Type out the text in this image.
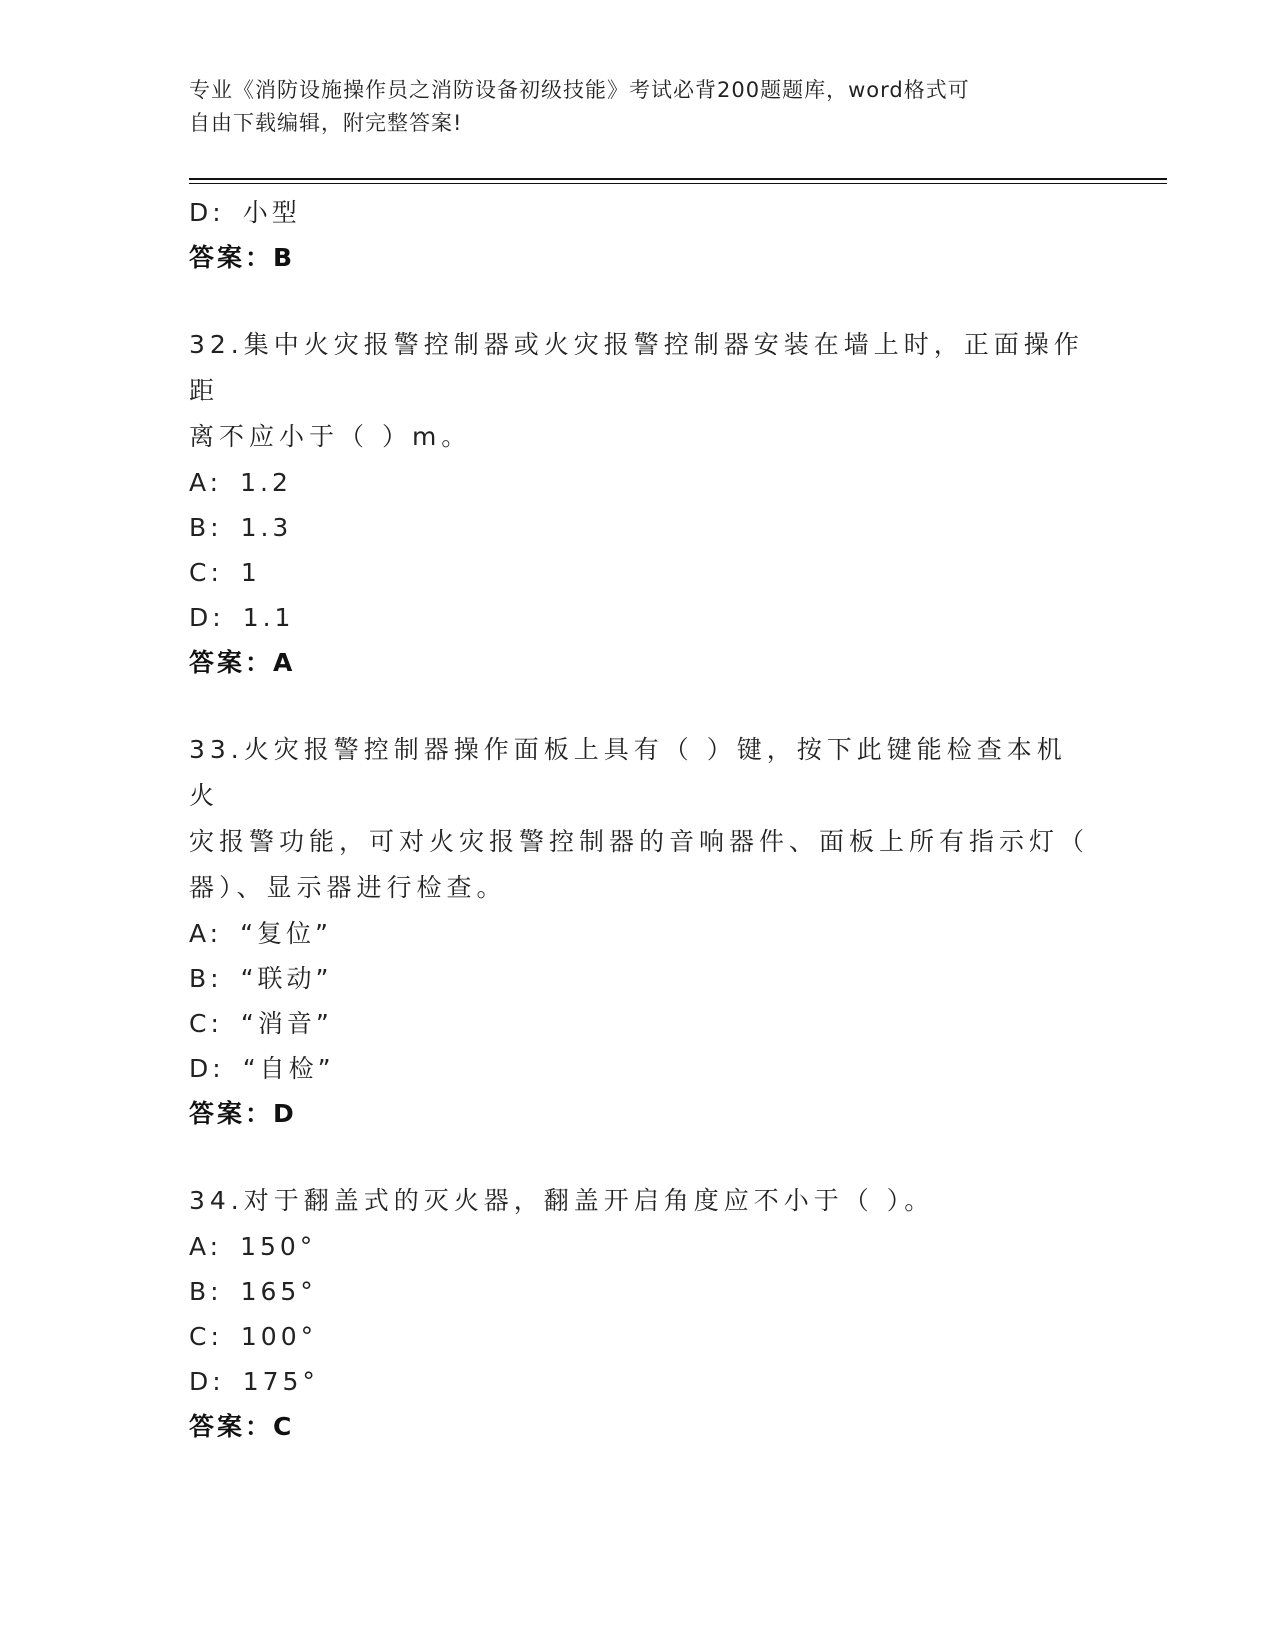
专业《消防设施操作员之消防设备初级技能》考试必背200题题库，word格式可
自由下载编辑，附完整答案!
D: 小型
答案：B
32.集中火灾报警控制器或火灾报警控制器安装在墙上时，正面操作距
离不应小于（ ）m。
A: 1.2
B: 1.3
C: 1
D: 1.1
答案：A
33.火灾报警控制器操作面板上具有（ ）键，按下此键能检查本机火
灾报警功能，可对火灾报警控制器的音响器件、面板上所有指示灯（
器）、显示器进行检查。
A: “复位”
B: “联动”
C: “消音”
D: “自检”
答案：D
34.对于翻盖式的灭火器，翻盖开启角度应不小于（ ）。
A: 150°
B: 165°
C: 100°
D: 175°
答案：C
